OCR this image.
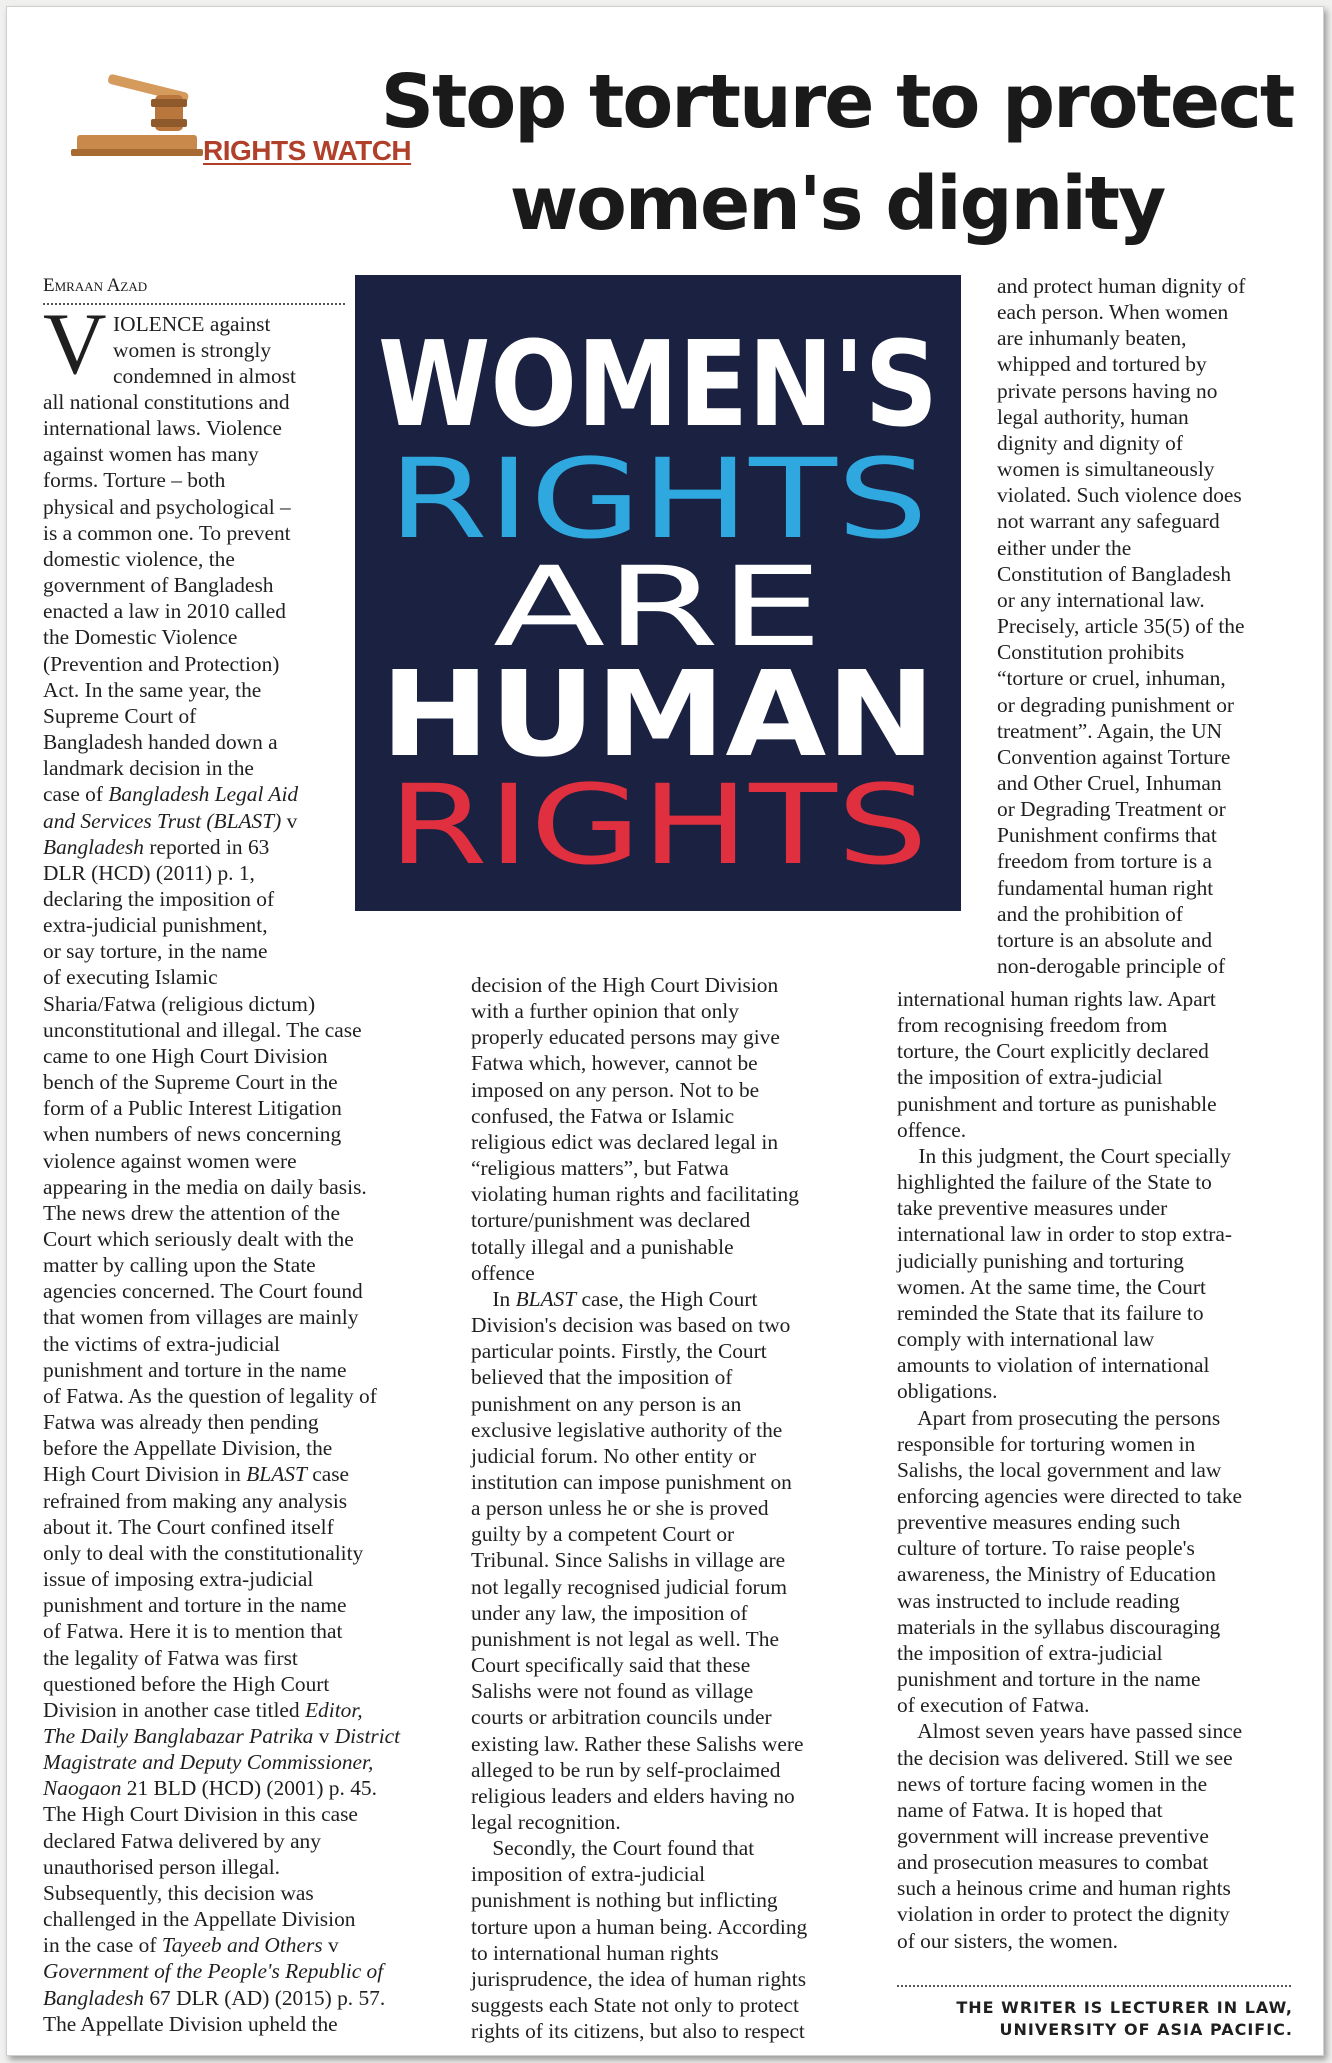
RIGHTS WATCH
Stop torture to protect women's dignity
Emraan Azad
WOMEN'S
RIGHTS
ARE
HUMAN
RIGHTS
V IOLENCE against
women is strongly
condemned in almost
all national constitutions and
international laws. Violence
against women has many
forms. Torture – both
physical and psychological –
is a common one. To prevent
domestic violence, the
government of Bangladesh
enacted a law in 2010 called
the Domestic Violence
(Prevention and Protection)
Act. In the same year, the
Supreme Court of
Bangladesh handed down a
landmark decision in the
case of Bangladesh Legal Aid
and Services Trust (BLAST) v
Bangladesh reported in 63
DLR (HCD) (2011) p. 1,
declaring the imposition of
extra-judicial punishment,
or say torture, in the name
of executing Islamic
Sharia/Fatwa (religious dictum)
unconstitutional and illegal. The case
came to one High Court Division
bench of the Supreme Court in the
form of a Public Interest Litigation
when numbers of news concerning
violence against women were
appearing in the media on daily basis.
The news drew the attention of the
Court which seriously dealt with the
matter by calling upon the State
agencies concerned. The Court found
that women from villages are mainly
the victims of extra-judicial
punishment and torture in the name
of Fatwa. As the question of legality of
Fatwa was already then pending
before the Appellate Division, the
High Court Division in BLAST case
refrained from making any analysis
about it. The Court confined itself
only to deal with the constitutionality
issue of imposing extra-judicial
punishment and torture in the name
of Fatwa. Here it is to mention that
the legality of Fatwa was first
questioned before the High Court
Division in another case titled Editor,
The Daily Banglabazar Patrika v District
Magistrate and Deputy Commissioner,
Naogaon 21 BLD (HCD) (2001) p. 45.
The High Court Division in this case
declared Fatwa delivered by any
unauthorised person illegal.
Subsequently, this decision was
challenged in the Appellate Division
in the case of Tayeeb and Others v
Government of the People's Republic of
Bangladesh 67 DLR (AD) (2015) p. 57.
The Appellate Division upheld the
decision of the High Court Division
with a further opinion that only
properly educated persons may give
Fatwa which, however, cannot be
imposed on any person. Not to be
confused, the Fatwa or Islamic
religious edict was declared legal in
“religious matters”, but Fatwa
violating human rights and facilitating
torture/punishment was declared
totally illegal and a punishable
offence
In BLAST case, the High Court
Division's decision was based on two
particular points. Firstly, the Court
believed that the imposition of
punishment on any person is an
exclusive legislative authority of the
judicial forum. No other entity or
institution can impose punishment on
a person unless he or she is proved
guilty by a competent Court or
Tribunal. Since Salishs in village are
not legally recognised judicial forum
under any law, the imposition of
punishment is not legal as well. The
Court specifically said that these
Salishs were not found as village
courts or arbitration councils under
existing law. Rather these Salishs were
alleged to be run by self-proclaimed
religious leaders and elders having no
legal recognition.
Secondly, the Court found that
imposition of extra-judicial
punishment is nothing but inflicting
torture upon a human being. According
to international human rights
jurisprudence, the idea of human rights
suggests each State not only to protect
rights of its citizens, but also to respect
and protect human dignity of
each person. When women
are inhumanly beaten,
whipped and tortured by
private persons having no
legal authority, human
dignity and dignity of
women is simultaneously
violated. Such violence does
not warrant any safeguard
either under the
Constitution of Bangladesh
or any international law.
Precisely, article 35(5) of the
Constitution prohibits
“torture or cruel, inhuman,
or degrading punishment or
treatment”. Again, the UN
Convention against Torture
and Other Cruel, Inhuman
or Degrading Treatment or
Punishment confirms that
freedom from torture is a
fundamental human right
and the prohibition of
torture is an absolute and
non-derogable principle of
international human rights law. Apart
from recognising freedom from
torture, the Court explicitly declared
the imposition of extra-judicial
punishment and torture as punishable
offence.
In this judgment, the Court specially
highlighted the failure of the State to
take preventive measures under
international law in order to stop extra-
judicially punishing and torturing
women. At the same time, the Court
reminded the State that its failure to
comply with international law
amounts to violation of international
obligations.
Apart from prosecuting the persons
responsible for torturing women in
Salishs, the local government and law
enforcing agencies were directed to take
preventive measures ending such
culture of torture. To raise people's
awareness, the Ministry of Education
was instructed to include reading
materials in the syllabus discouraging
the imposition of extra-judicial
punishment and torture in the name
of execution of Fatwa.
Almost seven years have passed since
the decision was delivered. Still we see
news of torture facing women in the
name of Fatwa. It is hoped that
government will increase preventive
and prosecution measures to combat
such a heinous crime and human rights
violation in order to protect the dignity
of our sisters, the women.
THE WRITER IS LECTURER IN LAW,
UNIVERSITY OF ASIA PACIFIC.
